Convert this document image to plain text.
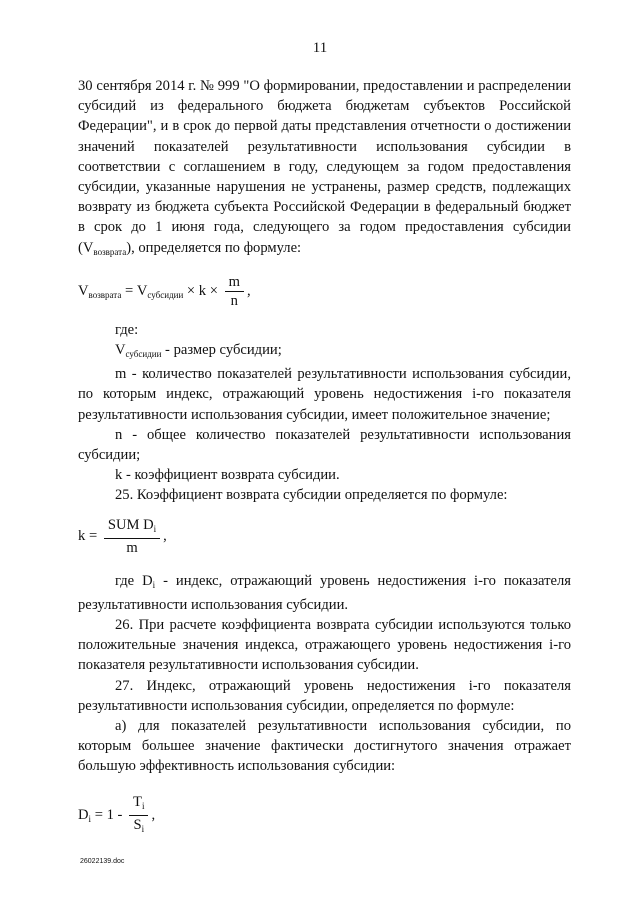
11

30 сентября 2014 г. № 999 "О формировании, предоставлении и распределении субсидий из федерального бюджета бюджетам субъектов Российской Федерации", и в срок до первой даты представления отчетности о достижении значений показателей результативности использования субсидии в соответствии с соглашением в году, следующем за годом предоставления субсидии, указанные нарушения не устранены, размер средств, подлежащих возврату из бюджета субъекта Российской Федерации в федеральный бюджет в срок до 1 июня года, следующего за годом предоставления субсидии $(V_{возврата})$, определяется по формуле:

$V_{возврата} = V_{субсидии} \times k \times \frac{m}{n}$ ,

где:

$V_{субсидии}$ - размер субсидии;

m - количество показателей результативности использования субсидии, по которым индекс, отражающий уровень недостижения i-го показателя результативности использования субсидии, имеет положительное значение;

n - общее количество показателей результативности использования субсидии;

k - коэффициент возврата субсидии.

25. Коэффициент возврата субсидии определяется по формуле:

$k = \frac{SUM D_i}{m}$ ,

где $D_i$ - индекс, отражающий уровень недостижения i-го показателя результативности использования субсидии.

26. При расчете коэффициента возврата субсидии используются только положительные значения индекса, отражающего уровень недостижения i-го показателя результативности использования субсидии.

27. Индекс, отражающий уровень недостижения i-го показателя результативности использования субсидии, определяется по формуле:

а) для показателей результативности использования субсидии, по которым большее значение фактически достигнутого значения отражает большую эффективность использования субсидии:

$D_i = 1 - \frac{T_i}{S_i}$ ,

26022139.doc
